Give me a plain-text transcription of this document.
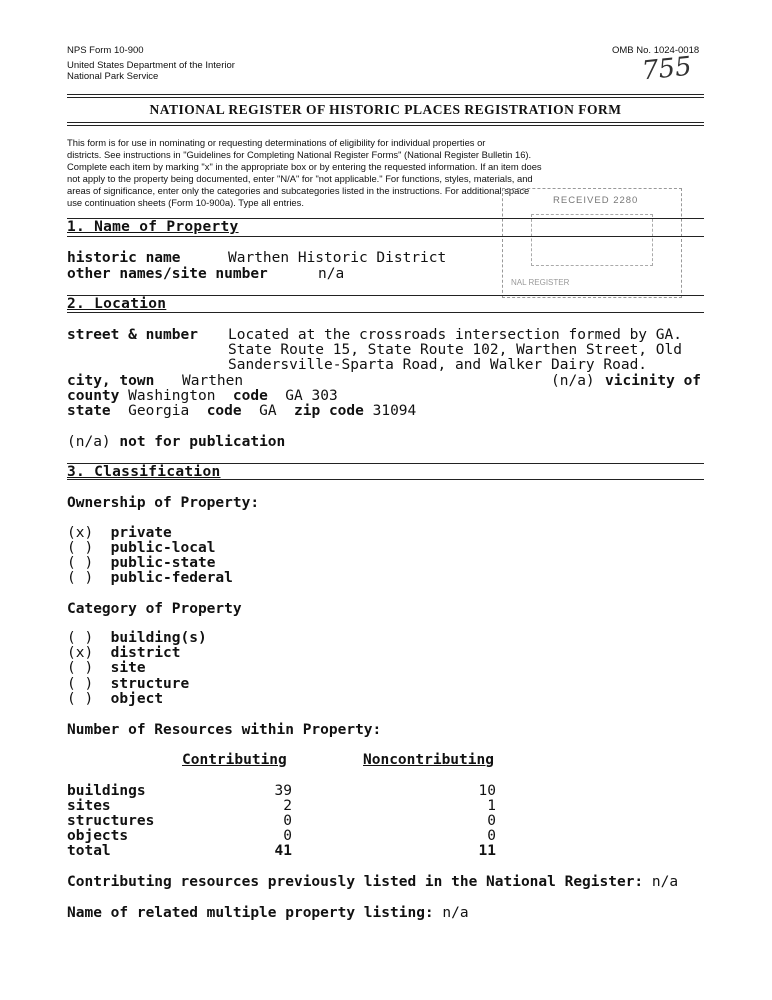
NPS Form 10-900	OMB No. 1024-0018
United States Department of the Interior
National Park Service	755
NATIONAL REGISTER OF HISTORIC PLACES REGISTRATION FORM

This form is for use in nominating or requesting determinations of eligibility for individual properties or

districts. See instructions in "Guidelines for Completing National Register Forms" (National Register Bulletin 16).

Complete each item by marking "x" in the appropriate box or by entering the requested information. If an item does

not apply to the property being documented, enter "N/A" for "not applicable." For functions, styles, materials, and

areas of significance, enter only the categories and subcategories listed in the instructions. For additional space

use continuation sheets (Form 10-900a). Type all entries.	RECEIVED 2280
NAL REGISTER
1. Name of Property
historic name	Warthen Historic District
other names/site number	n/a
2. Location
street & number Located at the crossroads intersection formed by GA.
State Route 15, State Route 102, Warthen Street, Old
Sandersville-Sparta Road, and Walker Dairy Road.
city, town Warthen	(n/a) vicinity of
county Washington code GA 303
state Georgia code GA zip code 31094
(n/a) not for publication
3. Classification
Ownership of Property:
(x) private
( ) public-local
( ) public-state
( ) public-federal
Category of Property
( ) building(s)
(x) district
( ) site
( ) structure
( ) object
Number of Resources within Property:
Contributing	Noncontributing
buildings	39	10
sites	2	1
structures	0	0
objects	0	0
total	41	11
Contributing resources previously listed in the National Register: n/a
Name of related multiple property listing: n/a
